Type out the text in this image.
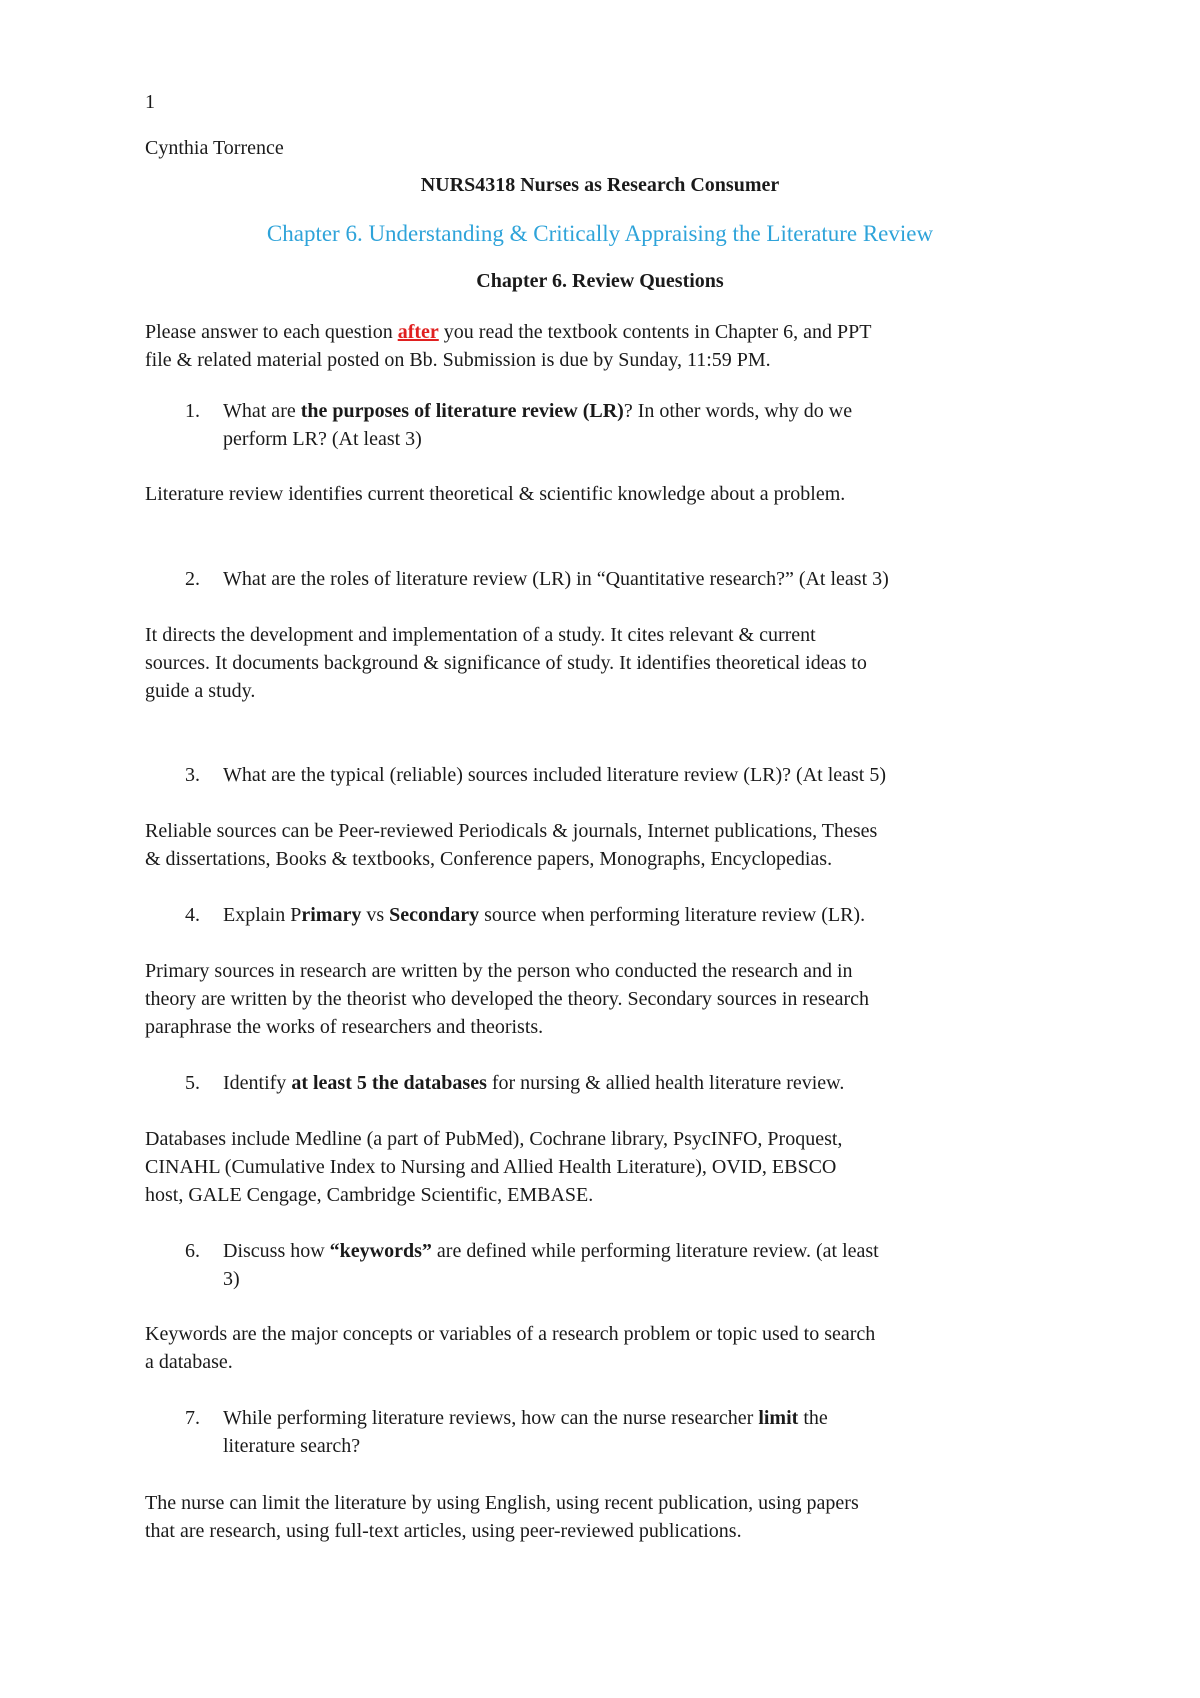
1
Cynthia Torrence
NURS4318 Nurses as Research Consumer
Chapter 6. Understanding & Critically Appraising the Literature Review
Chapter 6. Review Questions
Please answer to each question after you read the textbook contents in Chapter 6, and PPT
file & related material posted on Bb. Submission is due by Sunday, 11:59 PM.
1. What are the purposes of literature review (LR)? In other words, why do we
perform LR? (At least 3)
Literature review identifies current theoretical & scientific knowledge about a problem.
2. What are the roles of literature review (LR) in “Quantitative research?” (At least 3)
It directs the development and implementation of a study. It cites relevant & current
sources. It documents background & significance of study. It identifies theoretical ideas to
guide a study.
3. What are the typical (reliable) sources included literature review (LR)? (At least 5)
Reliable sources can be Peer-reviewed Periodicals & journals, Internet publications, Theses
& dissertations, Books & textbooks, Conference papers, Monographs, Encyclopedias.
4. Explain Primary vs Secondary source when performing literature review (LR).
Primary sources in research are written by the person who conducted the research and in
theory are written by the theorist who developed the theory. Secondary sources in research
paraphrase the works of researchers and theorists.
5. Identify at least 5 the databases for nursing & allied health literature review.
Databases include Medline (a part of PubMed), Cochrane library, PsycINFO, Proquest,
CINAHL (Cumulative Index to Nursing and Allied Health Literature), OVID, EBSCO
host, GALE Cengage, Cambridge Scientific, EMBASE.
6. Discuss how “keywords” are defined while performing literature review. (at least
3)
Keywords are the major concepts or variables of a research problem or topic used to search
a database.
7. While performing literature reviews, how can the nurse researcher limit the
literature search?
The nurse can limit the literature by using English, using recent publication, using papers
that are research, using full-text articles, using peer-reviewed publications.
